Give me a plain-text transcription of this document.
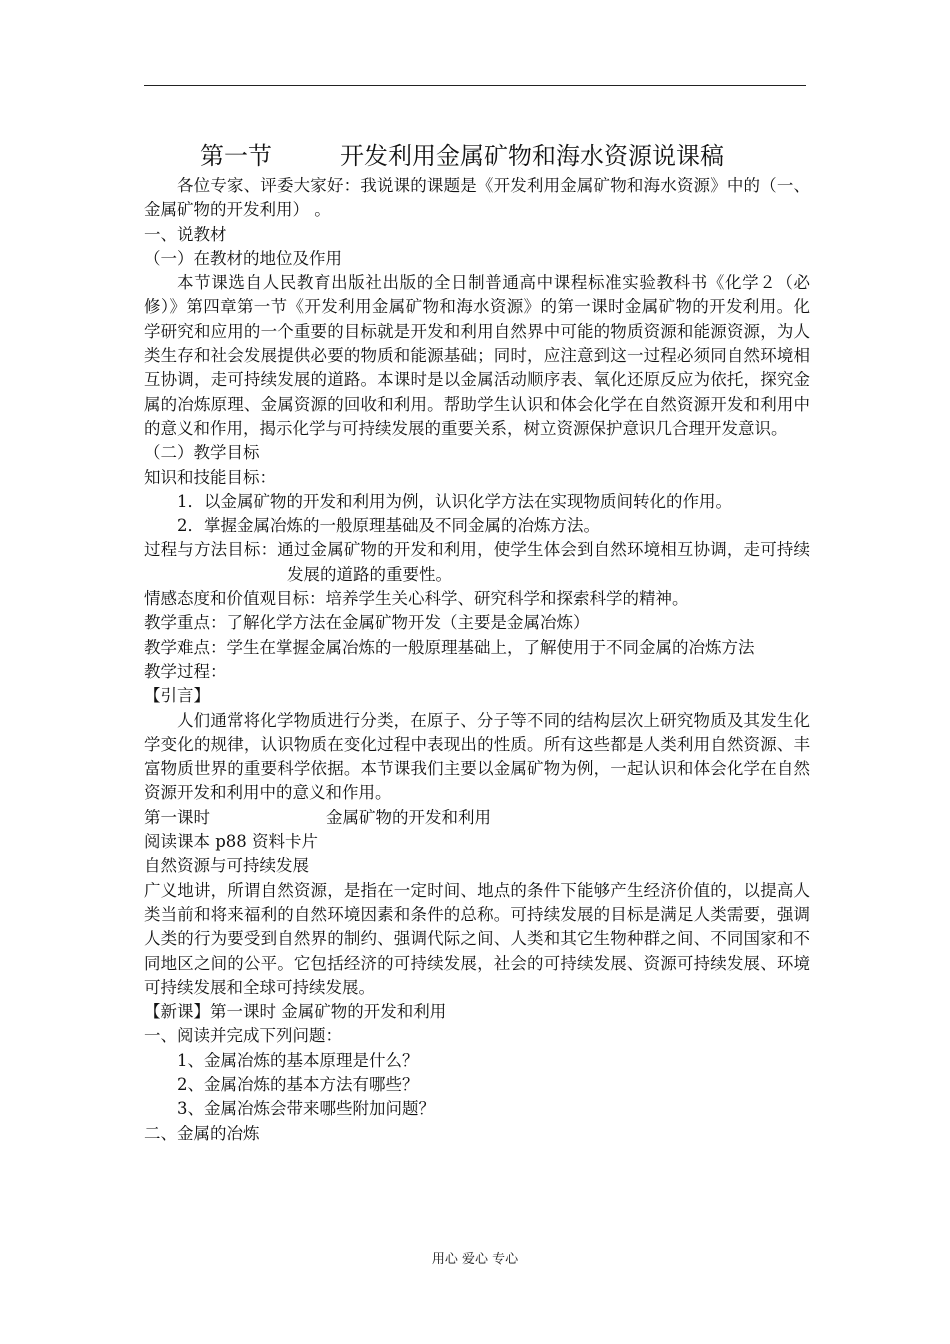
第一节	开发利用金属矿物和海水资源说课稿

各位专家、评委大家好：我说课的课题是《开发利用金属矿物和海水资源》中的（一、金属矿物的开发利用） 。

一、说教材

（一）在教材的地位及作用

本节课选自人民教育出版社出版的全日制普通高中课程标准实验教科书《化学２（必修）》第四章第一节《开发利用金属矿物和海水资源》的第一课时金属矿物的开发利用。化学研究和应用的一个重要的目标就是开发和利用自然界中可能的物质资源和能源资源，为人类生存和社会发展提供必要的物质和能源基础；同时，应注意到这一过程必须同自然环境相互协调，走可持续发展的道路。本课时是以金属活动顺序表、氧化还原反应为依托，探究金属的冶炼原理、金属资源的回收和利用。帮助学生认识和体会化学在自然资源开发和利用中的意义和作用，揭示化学与可持续发展的重要关系，树立资源保护意识几合理开发意识。

（二）教学目标

知识和技能目标：

1．以金属矿物的开发和利用为例，认识化学方法在实现物质间转化的作用。

2．掌握金属冶炼的一般原理基础及不同金属的冶炼方法。

过程与方法目标：通过金属矿物的开发和利用，使学生体会到自然环境相互协调，走可持续发展的道路的重要性。

情感态度和价值观目标：培养学生关心科学、研究科学和探索科学的精神。

教学重点：了解化学方法在金属矿物开发（主要是金属冶炼）

教学难点：学生在掌握金属冶炼的一般原理基础上，了解使用于不同金属的冶炼方法

教学过程：

【引言】

人们通常将化学物质进行分类，在原子、分子等不同的结构层次上研究物质及其发生化学变化的规律，认识物质在变化过程中表现出的性质。所有这些都是人类利用自然资源、丰富物质世界的重要科学依据。本节课我们主要以金属矿物为例，一起认识和体会化学在自然资源开发和利用中的意义和作用。

第一课时	金属矿物的开发和利用

阅读课本 p88 资料卡片

自然资源与可持续发展

广义地讲，所谓自然资源，是指在一定时间、地点的条件下能够产生经济价值的，以提高人类当前和将来福利的自然环境因素和条件的总称。可持续发展的目标是满足人类需要，强调人类的行为要受到自然界的制约、强调代际之间、人类和其它生物种群之间、不同国家和不同地区之间的公平。它包括经济的可持续发展，社会的可持续发展、资源可持续发展、环境可持续发展和全球可持续发展。

【新课】第一课时 金属矿物的开发和利用

一、阅读并完成下列问题：

1、金属冶炼的基本原理是什么？

2、金属冶炼的基本方法有哪些？

3、金属冶炼会带来哪些附加问题？

二、金属的冶炼

用心 爱心 专心
